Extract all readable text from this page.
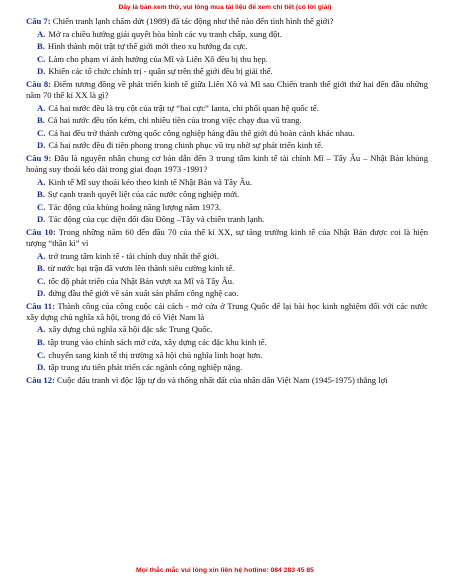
Đây là bản xem thử, vui lòng mua tài liệu để xem chi tiết (có lời giải)
Câu 7: Chiến tranh lạnh chấm dứt (1989) đã tác động như thế nào đến tình hình thế giới?
A. Mở ra chiều hướng giải quyết hòa bình các vụ tranh chấp, xung đột.
B. Hình thành một trật tự thế giới mới theo xu hướng đa cực.
C. Làm cho phạm vi ảnh hưởng của Mĩ và Liên Xô đều bị thu hẹp.
D. Khiến các tổ chức chính trị - quân sự trên thế giới đều bị giải thể.
Câu 8: Điểm tương đồng về phát triển kinh tế giữa Liên Xô và Mĩ sau Chiến tranh thế giới thứ hai đến đầu những năm 70 thế kỉ XX là gì?
A. Cả hai nước đều là trụ cột của trật tự “hai cực” Ianta, chi phối quan hệ quốc tế.
B. Cả hai nước đều tốn kém, chi nhiều tiền của trong việc chạy đua vũ trang.
C. Cả hai đều trở thành cường quốc công nghiệp hàng đầu thế giới đủ hoàn cảnh khác nhau.
D. Cả hai nước đều đi tiên phong trong chinh phục vũ trụ nhờ sự phát triển kinh tế.
Câu 9: Đâu là nguyên nhân chung cơ bản dẫn đến 3 trung tâm kinh tế tài chính Mĩ – Tây Âu – Nhật Bản khủng hoảng suy thoái kéo dài trong giai đoạn 1973 -1991?
A. Kinh tế Mĩ suy thoái kéo theo kinh tế Nhật Bản và Tây Âu.
B. Sự cạnh tranh quyết liệt của các nước công nghiệp mới.
C. Tác động của khủng hoảng năng lượng năm 1973.
D. Tác động của cục diện đối đầu Đông –Tây và chiến tranh lạnh.
Câu 10: Trong những năm 60 đến đầu 70 của thế kỉ XX, sự tăng trưởng kinh tế của Nhật Bản được coi là hiện tượng “thần kì” vì
A. trở trung tâm kinh tế - tài chính duy nhất thế giới.
B. từ nước bại trận đã vươn lên thành siêu cường kinh tế.
C. tốc độ phát triển của Nhật Bản vượt xa Mĩ và Tây Âu.
D. đứng đầu thế giới về sản xuất sản phẩm công nghệ cao.
Câu 11: Thành công của công cuộc cải cách - mở cửa ở Trung Quốc để lại bài học kinh nghiệm đối với các nước xây dựng chủ nghĩa xã hội, trong đó có Việt Nam là
A. xây dựng chủ nghĩa xã hội đặc sắc Trung Quốc.
B. tập trung vào chính sách mở cửa, xây dựng các đặc khu kinh tế.
C. chuyển sang kinh tế thị trường xã hội chủ nghĩa linh hoạt hơn.
D. tập trung ưu tiên phát triển các ngành công nghiệp nặng.
Câu 12: Cuộc đấu tranh vì độc lập tự do và thống nhất đất của nhân dân Việt Nam (1945-1975) thắng lợi
Mọi thắc mắc vui lòng xin liên hệ hotline: 084 283 45 85
